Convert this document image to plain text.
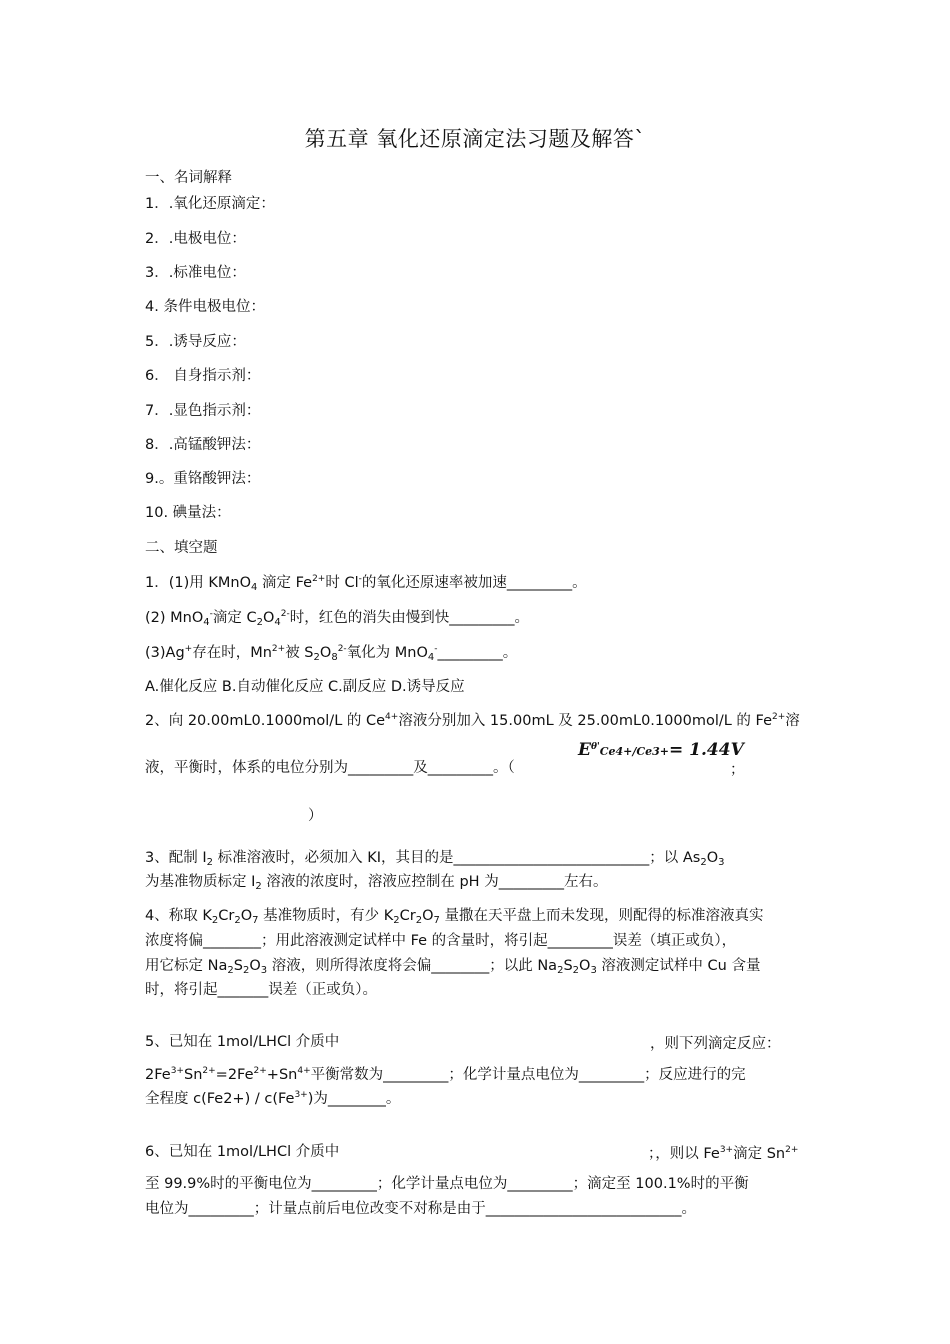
第五章 氧化还原滴定法习题及解答`
一、名词解释
1．.氧化还原滴定：
2．.电极电位：
3．.标准电位：
4. 条件电极电位：
5．.诱导反应：
6． 自身指示剂：
7．.显色指示剂：
8．.高锰酸钾法：
9.。重铬酸钾法：
10. 碘量法：
二、填空题
1．(1)用 KMnO$_4$ 滴定 $Fe^{2+}$时 Cl-的氧化还原速率被加速_________。
(2) MnO$_4$-滴定 $C_2O_4^{2-}$时，红色的消失由慢到快_________。
(3)Ag+存在时，$Mn^{2+}$被 $S_2O_8^{2-}$氧化为 MnO$_4$-_________。
A.催化反应 B.自动催化反应 C.副反应 D.诱导反应
2、向 20.00mL0.1000mol/L 的 $Ce^{4+}$溶液分别加入 15.00mL 及 25.00mL0.1000mol/L 的 $Fe^{2+}$溶
液，平衡时，体系的电位分别为_________及_________。（
$E^{\theta'}Ce4+/Ce3+= 1.44V$
；
）
3、配制 $I_2$ 标准溶液时，必须加入 KI，其目的是___________________________；以 $As_2O_3$
为基准物质标定 $I_2$ 溶液的浓度时，溶液应控制在 pH 为_________左右。
4、称取 $K_2Cr_2O_7$ 基准物质时，有少 $K_2Cr_2O_7$ 量撒在天平盘上而未发现，则配得的标准溶液真实
浓度将偏________；用此溶液测定试样中 Fe 的含量时，将引起_________误差（填正或负），
用它标定 $Na_2S_2O_3$ 溶液，则所得浓度将会偏________；以此 $Na_2S_2O_3$ 溶液测定试样中 Cu 含量
时，将引起_______误差（正或负）。
5、已知在 1mol/LHCl 介质中	，则下列滴定反应：
$2Fe^{3+}Sn^{2+}=2Fe^{2+}+Sn^{4+}$平衡常数为_________；化学计量点电位为_________；反应进行的完
全程度 $c(Fe2+) / c(Fe^{3+})$为________。
6、已知在 1mol/LHCl 介质中	；，则以 $Fe^{3+}$滴定 $Sn^{2+}$
至 99.9%时的平衡电位为_________；化学计量点电位为_________；滴定至 100.1%时的平衡
电位为_________；计量点前后电位改变不对称是由于___________________________。
